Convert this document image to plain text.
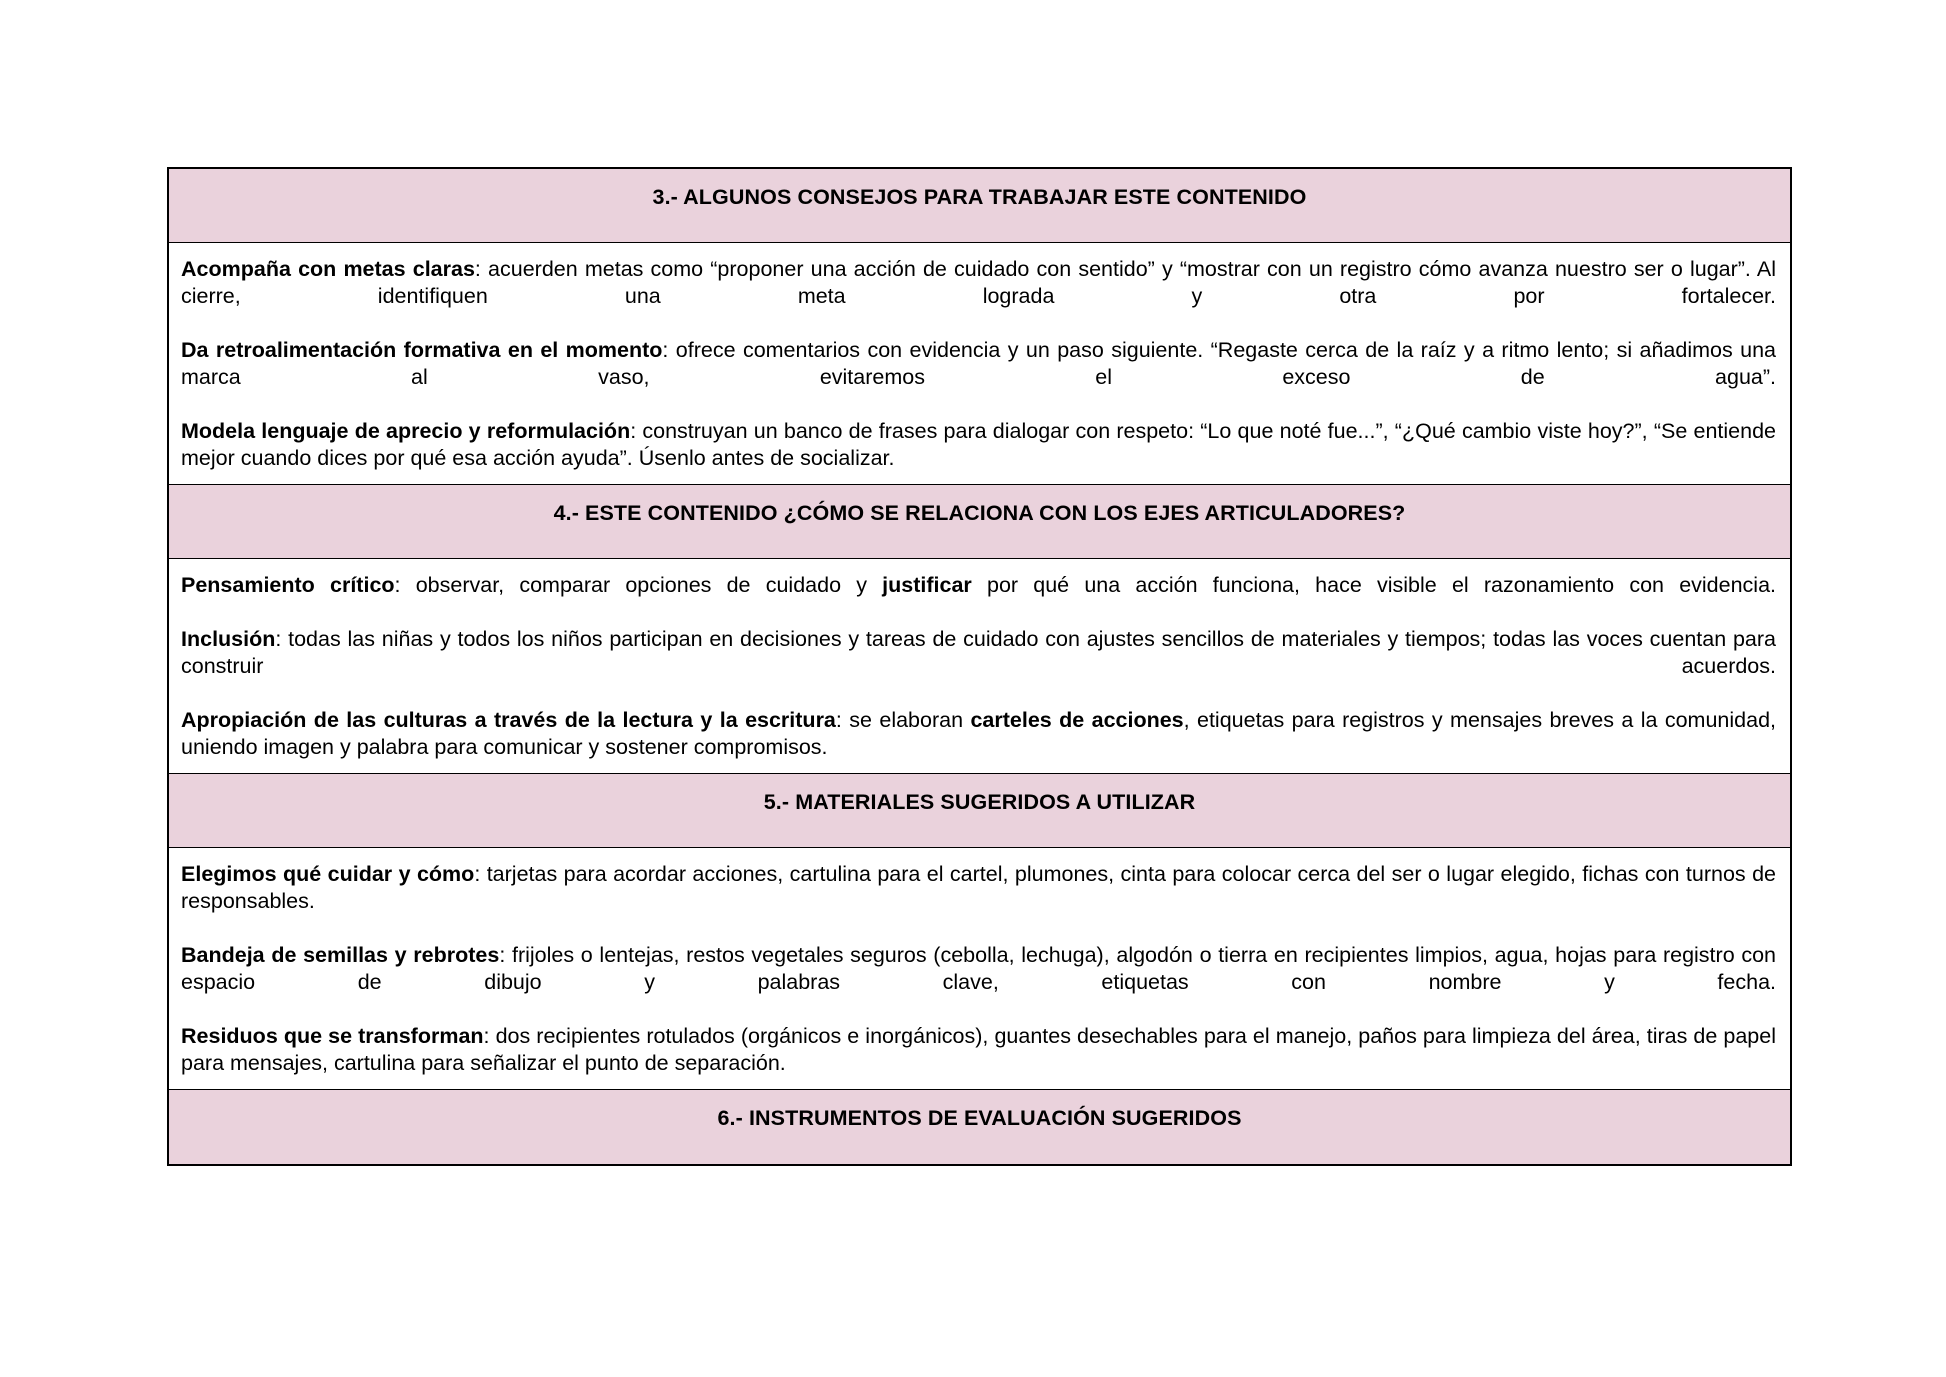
3.- ALGUNOS CONSEJOS PARA TRABAJAR ESTE CONTENIDO

Acompaña con metas claras: acuerden metas como “proponer una acción de cuidado con sentido” y “mostrar con un registro cómo avanza nuestro ser o lugar”. Al cierre, identifiquen una meta lograda y otra por fortalecer.

Da retroalimentación formativa en el momento: ofrece comentarios con evidencia y un paso siguiente. “Regaste cerca de la raíz y a ritmo lento; si añadimos una marca al vaso, evitaremos el exceso de agua”.

Modela lenguaje de aprecio y reformulación: construyan un banco de frases para dialogar con respeto: “Lo que noté fue...”, “¿Qué cambio viste hoy?”, “Se entiende mejor cuando dices por qué esa acción ayuda”. Úsenlo antes de socializar.

4.- ESTE CONTENIDO ¿CÓMO SE RELACIONA CON LOS EJES ARTICULADORES?

Pensamiento crítico: observar, comparar opciones de cuidado y justificar por qué una acción funciona, hace visible el razonamiento con evidencia.

Inclusión: todas las niñas y todos los niños participan en decisiones y tareas de cuidado con ajustes sencillos de materiales y tiempos; todas las voces cuentan para construir acuerdos.

Apropiación de las culturas a través de la lectura y la escritura: se elaboran carteles de acciones, etiquetas para registros y mensajes breves a la comunidad, uniendo imagen y palabra para comunicar y sostener compromisos.

5.- MATERIALES SUGERIDOS A UTILIZAR

Elegimos qué cuidar y cómo: tarjetas para acordar acciones, cartulina para el cartel, plumones, cinta para colocar cerca del ser o lugar elegido, fichas con turnos de responsables.

Bandeja de semillas y rebrotes: frijoles o lentejas, restos vegetales seguros (cebolla, lechuga), algodón o tierra en recipientes limpios, agua, hojas para registro con espacio de dibujo y palabras clave, etiquetas con nombre y fecha.

Residuos que se transforman: dos recipientes rotulados (orgánicos e inorgánicos), guantes desechables para el manejo, paños para limpieza del área, tiras de papel para mensajes, cartulina para señalizar el punto de separación.

6.- INSTRUMENTOS DE EVALUACIÓN SUGERIDOS
